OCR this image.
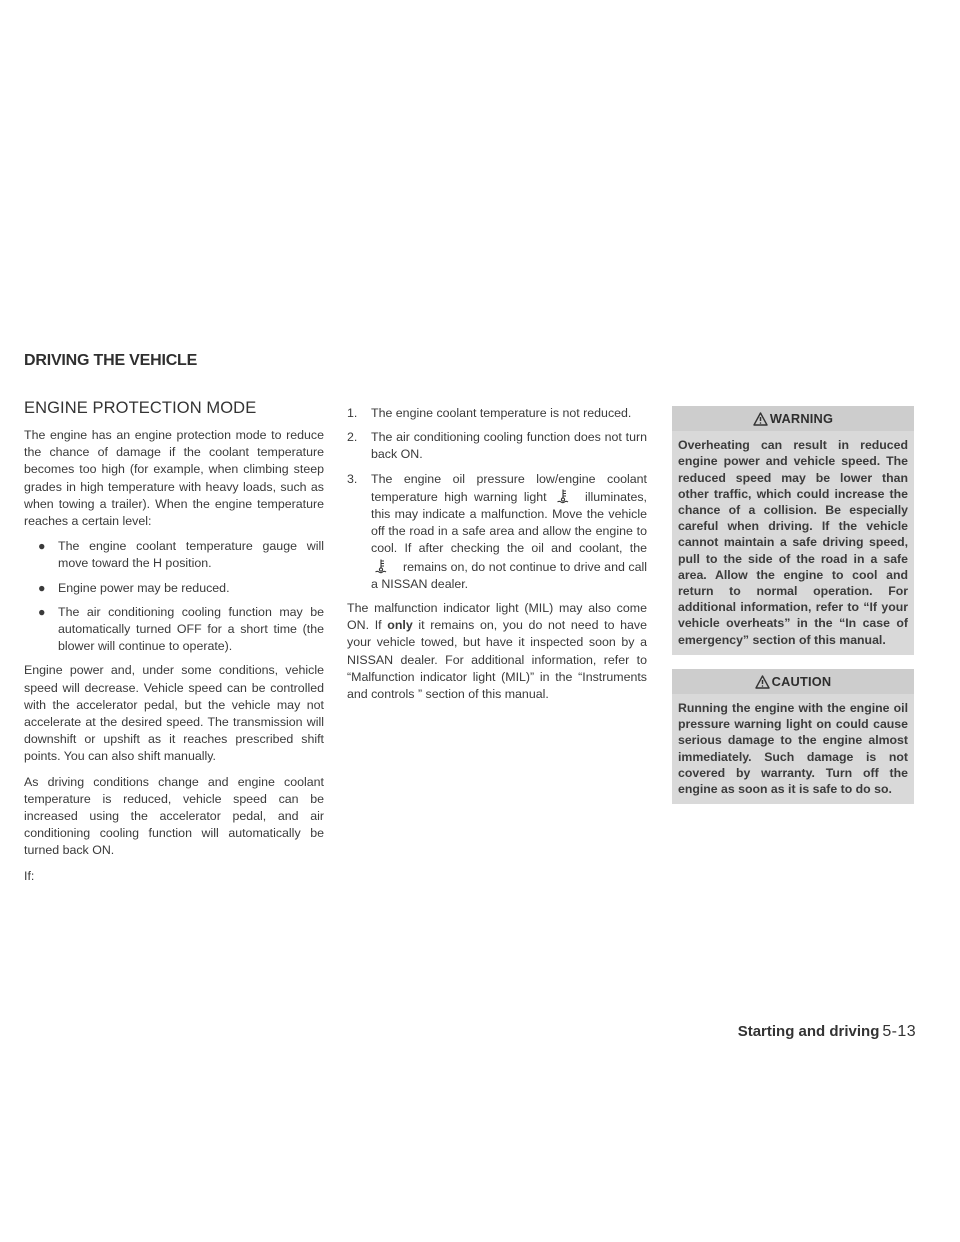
DRIVING THE VEHICLE
ENGINE PROTECTION MODE

The engine has an engine protection mode to reduce the chance of damage if the coolant temperature becomes too high (for example, when climbing steep grades in high temperature with heavy loads, such as when towing a trailer). When the engine temperature reaches a certain level:

● The engine coolant temperature gauge will move toward the H position.
● Engine power may be reduced.
● The air conditioning cooling function may be automatically turned OFF for a short time (the blower will continue to operate).

Engine power and, under some conditions, vehicle speed will decrease. Vehicle speed can be controlled with the accelerator pedal, but the vehicle may not accelerate at the desired speed. The transmission will downshift or upshift as it reaches prescribed shift points. You can also shift manually.

As driving conditions change and engine coolant temperature is reduced, vehicle speed can be increased using the accelerator pedal, and air conditioning cooling function will automatically be turned back ON.

If:

1. The engine coolant temperature is not reduced.
2. The air conditioning cooling function does not turn back ON.
3. The engine oil pressure low/engine coolant temperature high warning light	illuminates, this may indicate a malfunction. Move the vehicle off the road in a safe area and allow the engine to cool. If after checking the oil and coolant, the remains on, do not continue to drive and call a NISSAN dealer.

The malfunction indicator light (MIL) may also come ON. If only it remains on, you do not need to have your vehicle towed, but have it inspected soon by a NISSAN dealer. For additional information, refer to “Malfunction indicator light (MIL)” in the “Instruments and controls ” section of this manual.

WARNING
Overheating can result in reduced engine power and vehicle speed. The reduced speed may be lower than other traffic, which could increase the chance of a collision. Be especially careful when driving. If the vehicle cannot maintain a safe driving speed, pull to the side of the road in a safe area. Allow the engine to cool and return to normal operation. For additional information, refer to “If your vehicle overheats” in the “In case of emergency” section of this manual.
CAUTION
Running the engine with the engine oil pressure warning light on could cause serious damage to the engine almost immediately. Such damage is not covered by warranty. Turn off the engine as soon as it is safe to do so.
Starting and driving 5-13
